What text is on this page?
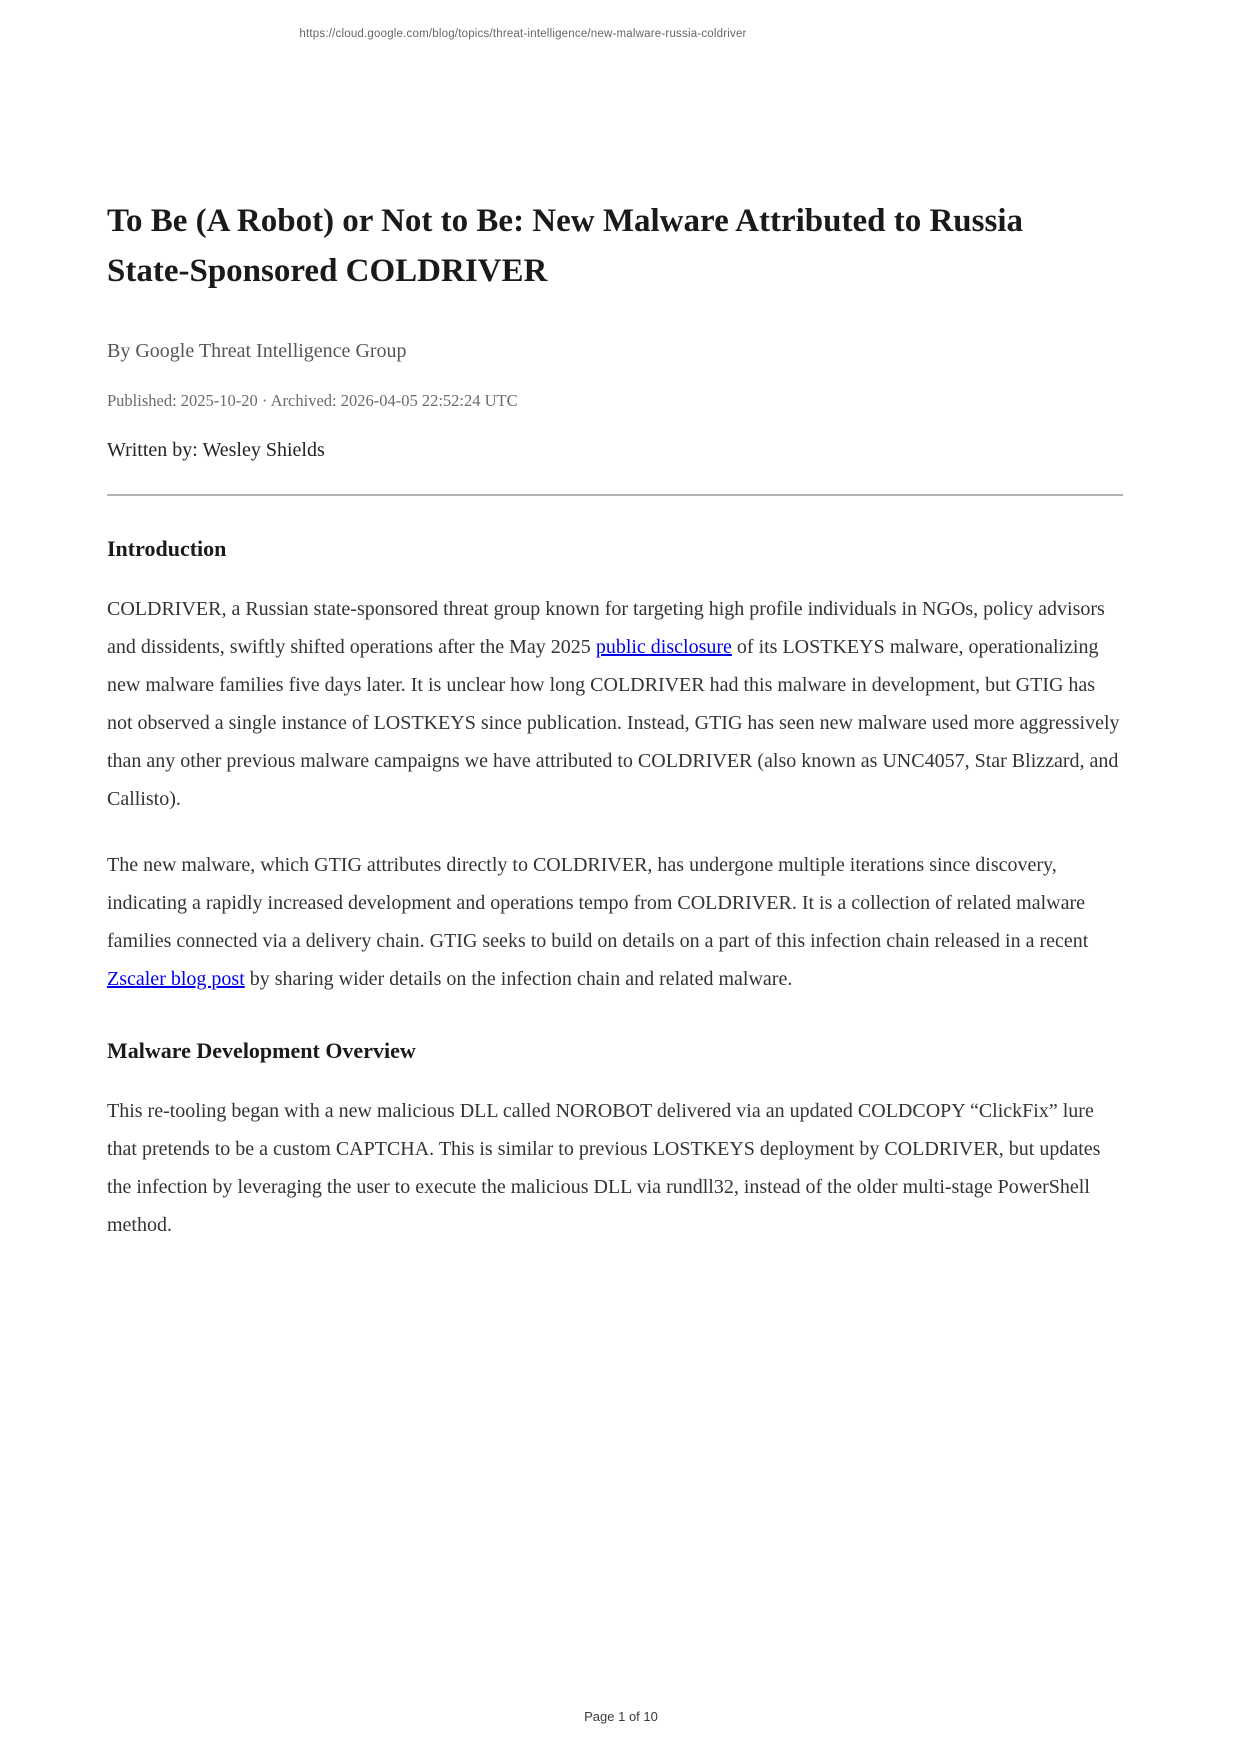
https://cloud.google.com/blog/topics/threat-intelligence/new-malware-russia-coldriver
To Be (A Robot) or Not to Be: New Malware Attributed to Russia
State-Sponsored COLDRIVER

By Google Threat Intelligence Group

Published: 2025-10-20 · Archived: 2026-04-05 22:52:24 UTC

Written by: Wesley Shields

Introduction

COLDRIVER, a Russian state-sponsored threat group known for targeting high profile individuals in NGOs, policy advisors and dissidents, swiftly shifted operations after the May 2025 public disclosure of its LOSTKEYS malware, operationalizing new malware families five days later. It is unclear how long COLDRIVER had this malware in development, but GTIG has not observed a single instance of LOSTKEYS since publication. Instead, GTIG has seen new malware used more aggressively than any other previous malware campaigns we have attributed to COLDRIVER (also known as UNC4057, Star Blizzard, and Callisto).

The new malware, which GTIG attributes directly to COLDRIVER, has undergone multiple iterations since discovery, indicating a rapidly increased development and operations tempo from COLDRIVER. It is a collection of related malware families connected via a delivery chain. GTIG seeks to build on details on a part of this infection chain released in a recent Zscaler blog post by sharing wider details on the infection chain and related malware.

Malware Development Overview

This re-tooling began with a new malicious DLL called NOROBOT delivered via an updated COLDCOPY “ClickFix” lure that pretends to be a custom CAPTCHA. This is similar to previous LOSTKEYS deployment by COLDRIVER, but updates the infection by leveraging the user to execute the malicious DLL via rundll32, instead of the older multi-stage PowerShell method.

Page 1 of 10
